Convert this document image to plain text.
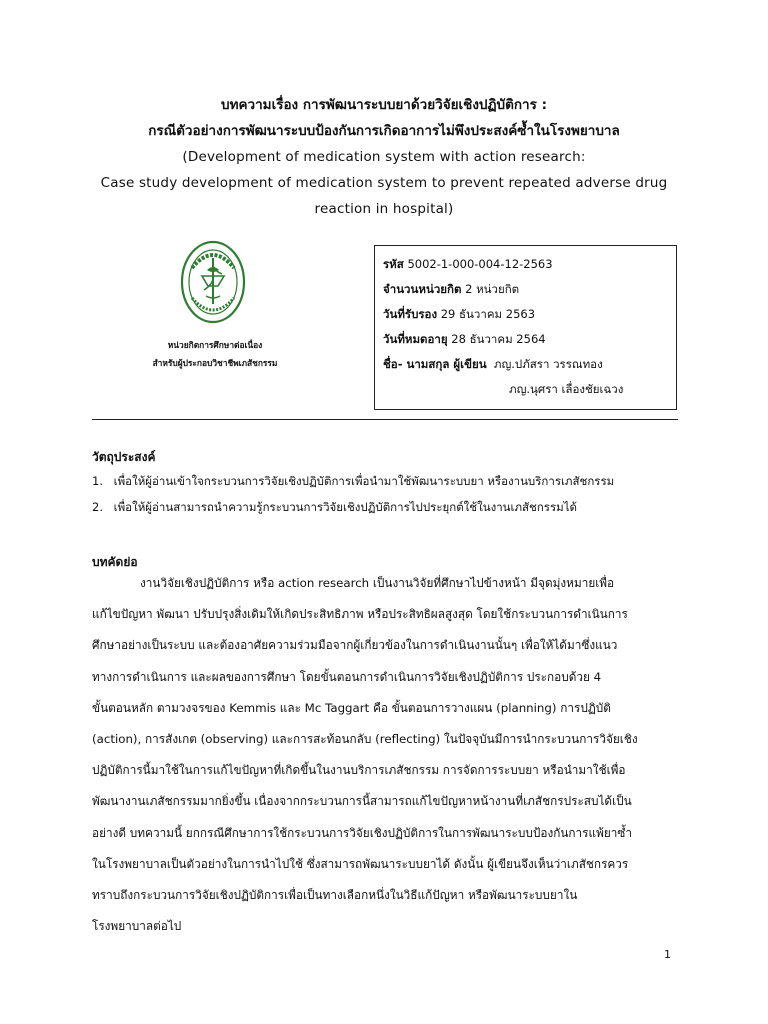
บทความเรื่อง การพัฒนาระบบยาด้วยวิจัยเชิงปฏิบัติการ :
กรณีตัวอย่างการพัฒนาระบบป้องกันการเกิดอาการไม่พึงประสงค์ซ้ำในโรงพยาบาล
(Development of medication system with action research:
Case study development of medication system to prevent repeated adverse drug
reaction in hospital)
หน่วยกิตการศึกษาต่อเนื่อง
สำหรับผู้ประกอบวิชาชีพเภสัชกรรม
รหัส 5002-1-000-004-12-2563
จำนวนหน่วยกิต 2 หน่วยกิต
วันที่รับรอง 29 ธันวาคม 2563
วันที่หมดอายุ 28 ธันวาคม 2564
ชื่อ- นามสกุล ผู้เขียน ภญ.ปภัสรา วรรณทอง
ภญ.นุศรา เลื่องชัยเฉวง
วัตถุประสงค์
1. เพื่อให้ผู้อ่านเข้าใจกระบวนการวิจัยเชิงปฏิบัติการเพื่อนำมาใช้พัฒนาระบบยา หรืองานบริการเภสัชกรรม
2. เพื่อให้ผู้อ่านสามารถนำความรู้กระบวนการวิจัยเชิงปฏิบัติการไปประยุกต์ใช้ในงานเภสัชกรรมได้
บทคัดย่อ
งานวิจัยเชิงปฏิบัติการ หรือ action research เป็นงานวิจัยที่ศึกษาไปข้างหน้า มีจุดมุ่งหมายเพื่อ
แก้ไขปัญหา พัฒนา ปรับปรุงสิ่งเดิมให้เกิดประสิทธิภาพ หรือประสิทธิผลสูงสุด โดยใช้กระบวนการดำเนินการ
ศึกษาอย่างเป็นระบบ และต้องอาศัยความร่วมมือจากผู้เกี่ยวข้องในการดำเนินงานนั้นๆ เพื่อให้ได้มาซึ่งแนว
ทางการดำเนินการ และผลของการศึกษา โดยขั้นตอนการดำเนินการวิจัยเชิงปฏิบัติการ ประกอบด้วย 4
ขั้นตอนหลัก ตามวงจรของ Kemmis และ Mc Taggart คือ ขั้นตอนการวางแผน (planning) การปฏิบัติ
(action), การสังเกต (observing) และการสะท้อนกลับ (reflecting) ในปัจจุบันมีการนำกระบวนการวิจัยเชิง
ปฏิบัติการนี้มาใช้ในการแก้ไขปัญหาที่เกิดขึ้นในงานบริการเภสัชกรรม การจัดการระบบยา หรือนำมาใช้เพื่อ
พัฒนางานเภสัชกรรมมากยิ่งขึ้น เนื่องจากกระบวนการนี้สามารถแก้ไขปัญหาหน้างานที่เภสัชกรประสบได้เป็น
อย่างดี บทความนี้ ยกกรณีศึกษาการใช้กระบวนการวิจัยเชิงปฏิบัติการในการพัฒนาระบบป้องกันการแพ้ยาซ้ำ
ในโรงพยาบาลเป็นตัวอย่างในการนำไปใช้ ซึ่งสามารถพัฒนาระบบยาได้ ดังนั้น ผู้เขียนจึงเห็นว่าเภสัชกรควร
ทราบถึงกระบวนการวิจัยเชิงปฏิบัติการเพื่อเป็นทางเลือกหนึ่งในวิธีแก้ปัญหา หรือพัฒนาระบบยาใน
โรงพยาบาลต่อไป
1
